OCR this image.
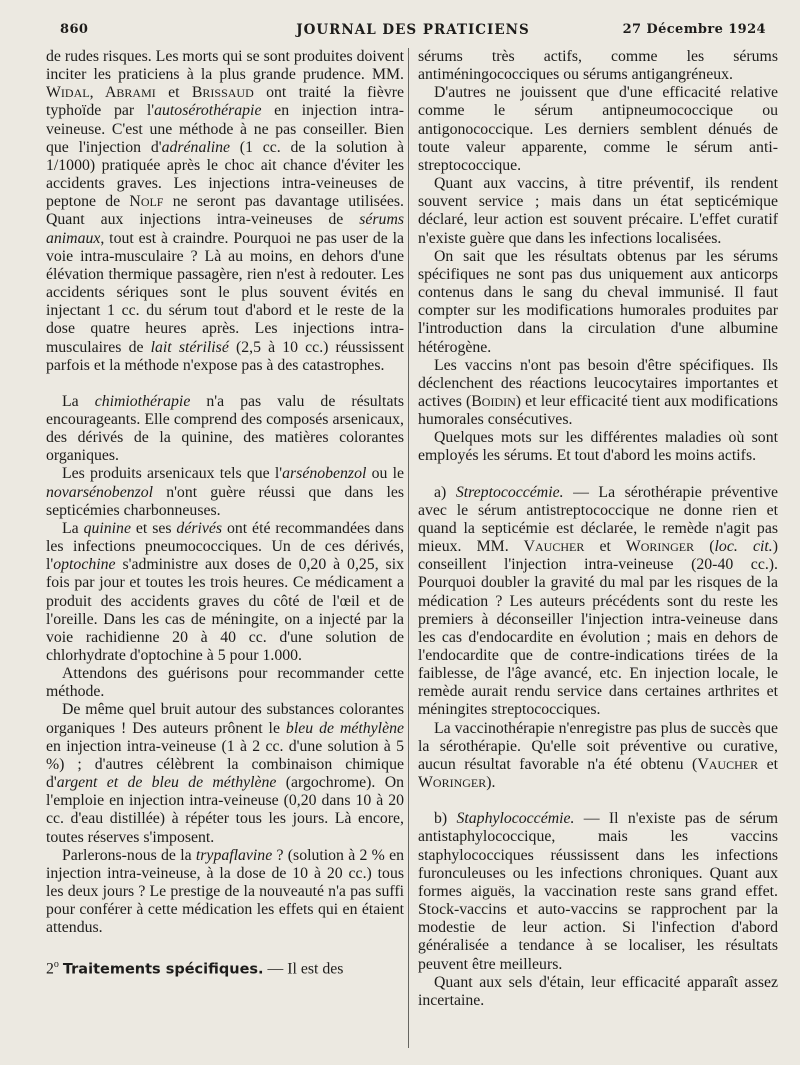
860	JOURNAL DES PRATICIENS	27 Décembre 1924

de rudes risques. Les morts qui se sont produites doivent inciter les praticiens à la plus grande prudence. MM. WIDAL, ABRAMI et BRISSAUD ont traité la fièvre typhoïde par l'autosérothérapie en injection intra-veineuse. C'est une méthode à ne pas conseiller. Bien que l'injection d'adrénaline (1 cc. de la solution à 1/1000) pratiquée après le choc ait chance d'éviter les accidents graves. Les injections intra-veineuses de peptone de NOLF ne seront pas davantage utilisées. Quant aux injections intra-veineuses de sérums animaux, tout est à craindre. Pourquoi ne pas user de la voie intra-musculaire ? Là au moins, en dehors d'une élévation thermique passagère, rien n'est à redouter. Les accidents sériques sont le plus souvent évités en injectant 1 cc. du sérum tout d'abord et le reste de la dose quatre heures après. Les injections intra-musculaires de lait stérilisé (2,5 à 10 cc.) réussissent parfois et la méthode n'expose pas à des catastrophes.

La chimiothérapie n'a pas valu de résultats encourageants. Elle comprend des composés arsenicaux, des dérivés de la quinine, des matières colorantes organiques.

Les produits arsenicaux tels que l'arsénobenzol ou le novarsénobenzol n'ont guère réussi que dans les septicémies charbonneuses.

La quinine et ses dérivés ont été recommandées dans les infections pneumococciques. Un de ces dérivés, l'optochine s'administre aux doses de 0,20 à 0,25, six fois par jour et toutes les trois heures. Ce médicament a produit des accidents graves du côté de l'œil et de l'oreille. Dans les cas de méningite, on a injecté par la voie rachidienne 20 à 40 cc. d'une solution de chlorhydrate d'optochine à 5 pour 1.000.

Attendons des guérisons pour recommander cette méthode.

De même quel bruit autour des substances colorantes organiques ! Des auteurs prônent le bleu de méthylène en injection intra-veineuse (1 à 2 cc. d'une solution à 5 %) ; d'autres célèbrent la combinaison chimique d'argent et de bleu de méthylène (argochrome). On l'emploie en injection intra-veineuse (0,20 dans 10 à 20 cc. d'eau distillée) à répéter tous les jours. Là encore, toutes réserves s'imposent.

Parlerons-nous de la trypaflavine ? (solution à 2 % en injection intra-veineuse, à la dose de 10 à 20 cc.) tous les deux jours ? Le prestige de la nouveauté n'a pas suffi pour conférer à cette médication les effets qui en étaient attendus.

2$^o$ Traitements spécifiques. — Il est des

sérums très actifs, comme les sérums antiméningococciques ou sérums antigangréneux.

D'autres ne jouissent que d'une efficacité relative comme le sérum antipneumococcique ou antigonococcique. Les derniers semblent dénués de toute valeur apparente, comme le sérum anti-streptococcique.

Quant aux vaccins, à titre préventif, ils rendent souvent service ; mais dans un état septicémique déclaré, leur action est souvent précaire. L'effet curatif n'existe guère que dans les infections localisées.

On sait que les résultats obtenus par les sérums spécifiques ne sont pas dus uniquement aux anticorps contenus dans le sang du cheval immunisé. Il faut compter sur les modifications humorales produites par l'introduction dans la circulation d'une albumine hétérogène.

Les vaccins n'ont pas besoin d'être spécifiques. Ils déclenchent des réactions leucocytaires importantes et actives (BOIDIN) et leur efficacité tient aux modifications humorales consécutives.

Quelques mots sur les différentes maladies où sont employés les sérums. Et tout d'abord les moins actifs.

a) Streptococcémie. — La sérothérapie préventive avec le sérum antistreptococcique ne donne rien et quand la septicémie est déclarée, le remède n'agit pas mieux. MM. VAUCHER et WORINGER (loc. cit.) conseillent l'injection intra-veineuse (20-40 cc.). Pourquoi doubler la gravité du mal par les risques de la médication ? Les auteurs précédents sont du reste les premiers à déconseiller l'injection intra-veineuse dans les cas d'endocardite en évolution ; mais en dehors de l'endocardite que de contre-indications tirées de la faiblesse, de l'âge avancé, etc. En injection locale, le remède aurait rendu service dans certaines arthrites et méningites streptococciques.

La vaccinothérapie n'enregistre pas plus de succès que la sérothérapie. Qu'elle soit préventive ou curative, aucun résultat favorable n'a été obtenu (VAUCHER et WORINGER).

b) Staphylococcémie. — Il n'existe pas de sérum antistaphylococcique, mais les vaccins staphylococciques réussissent dans les infections furonculeuses ou les infections chroniques. Quant aux formes aiguës, la vaccination reste sans grand effet. Stock-vaccins et auto-vaccins se rapprochent par la modestie de leur action. Si l'infection d'abord généralisée a tendance à se localiser, les résultats peuvent être meilleurs.

Quant aux sels d'étain, leur efficacité apparaît assez incertaine.
